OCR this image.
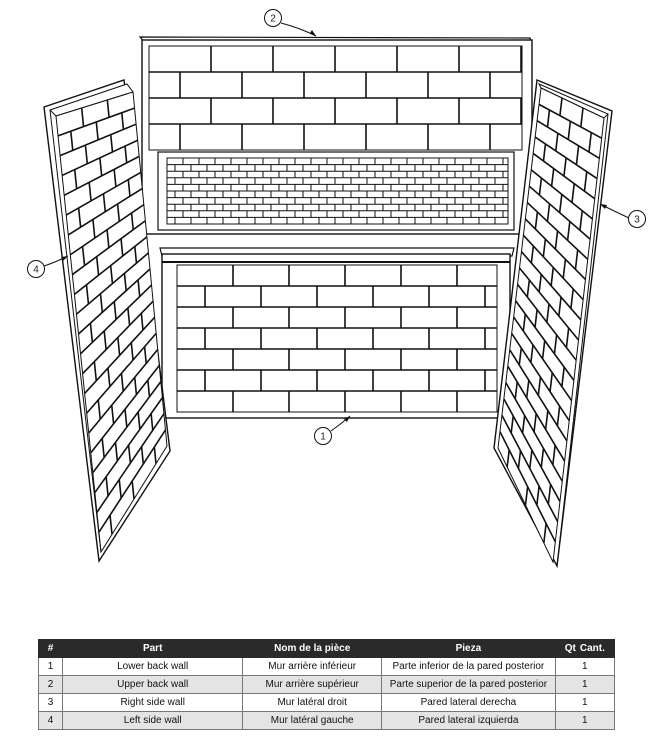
2
3
4
1
#	Part	Nom de la pièce	Pieza	Qt Cant.
1	Lower back wall	Mur arrière inférieur	Parte inferior de la pared posterior	1
2	Upper back wall	Mur arrière supérieur	Parte superior de la pared posterior	1
3	Right side wall	Mur latéral droit	Pared lateral derecha	1
4	Left side wall	Mur latéral gauche	Pared lateral izquierda	1
